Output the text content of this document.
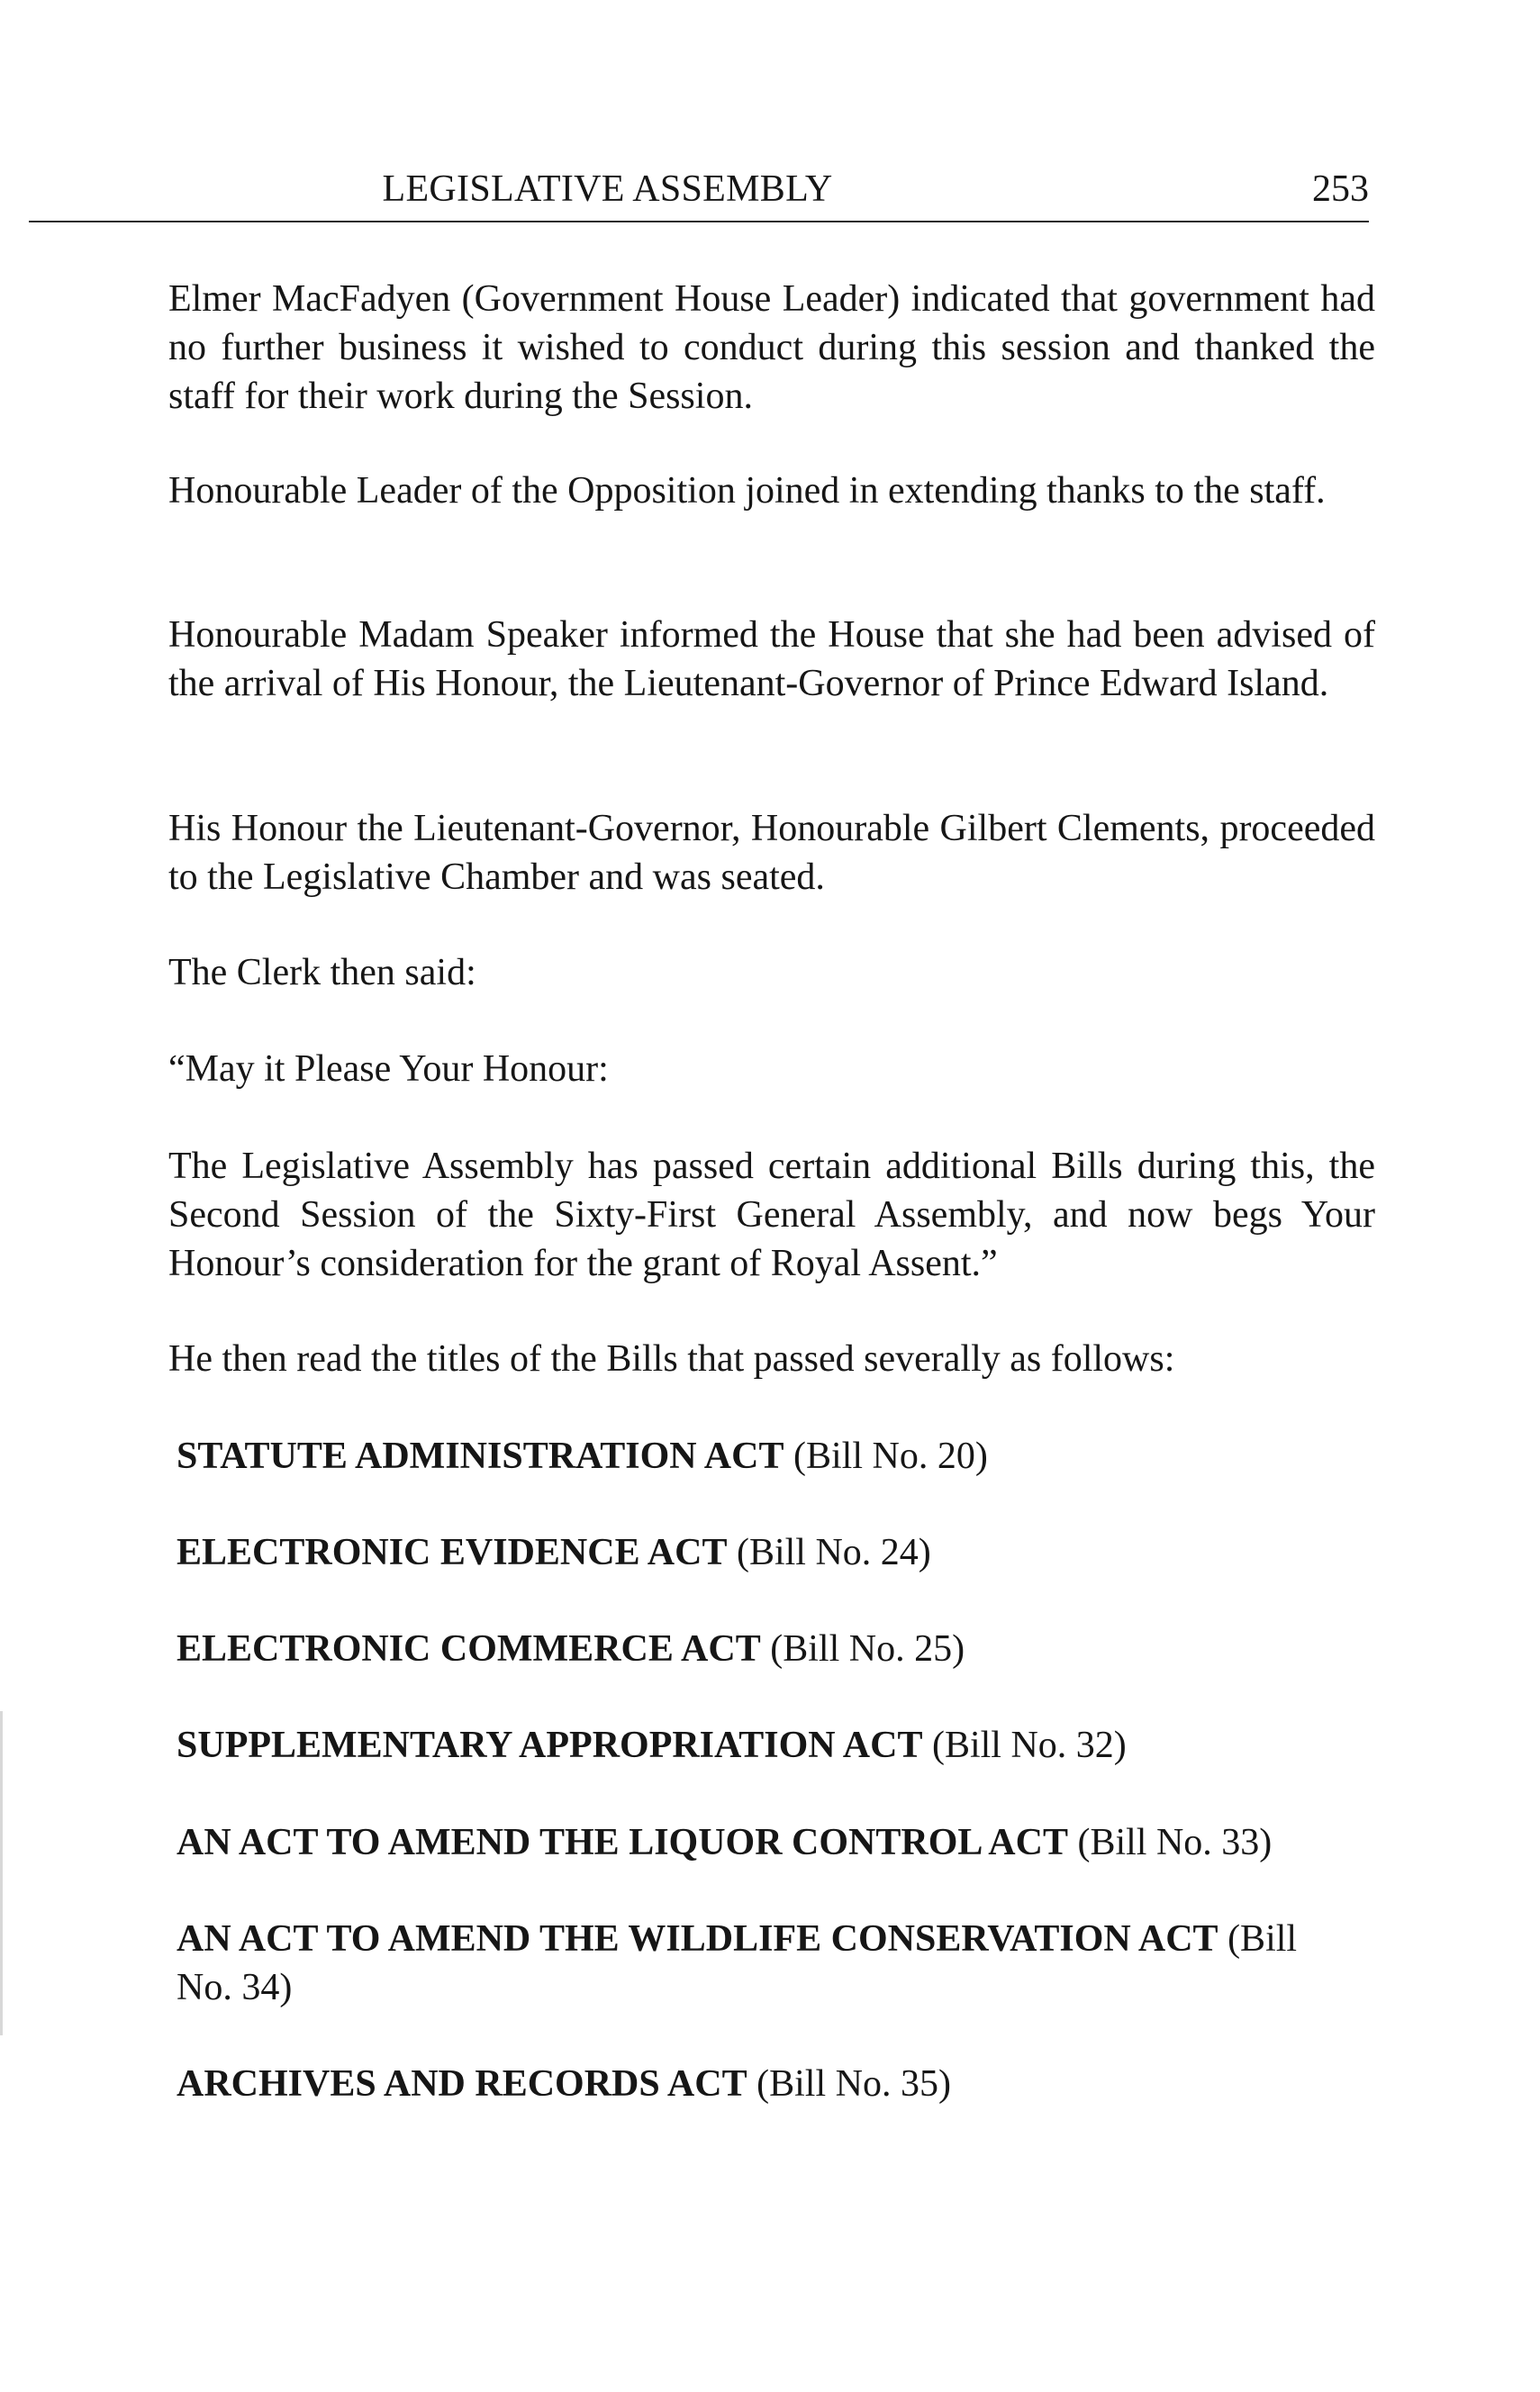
LEGISLATIVE ASSEMBLY	253

Elmer MacFadyen (Government House Leader) indicated that government had no further business it wished to conduct during this session and thanked the staff for their work during the Session.

Honourable Leader of the Opposition joined in extending thanks to the staff.

Honourable Madam Speaker informed the House that she had been advised of the arrival of His Honour, the Lieutenant-Governor of Prince Edward Island.

His Honour the Lieutenant-Governor, Honourable Gilbert Clements, proceeded to the Legislative Chamber and was seated.

The Clerk then said:

“May it Please Your Honour:

The Legislative Assembly has passed certain additional Bills during this, the Second Session of the Sixty-First General Assembly, and now begs Your Honour’s consideration for the grant of Royal Assent.”

He then read the titles of the Bills that passed severally as follows:

STATUTE ADMINISTRATION ACT (Bill No. 20)
ELECTRONIC EVIDENCE ACT (Bill No. 24)
ELECTRONIC COMMERCE ACT (Bill No. 25)
SUPPLEMENTARY APPROPRIATION ACT (Bill No. 32)
AN ACT TO AMEND THE LIQUOR CONTROL ACT (Bill No. 33)
AN ACT TO AMEND THE WILDLIFE CONSERVATION ACT (Bill No. 34)
ARCHIVES AND RECORDS ACT (Bill No. 35)
